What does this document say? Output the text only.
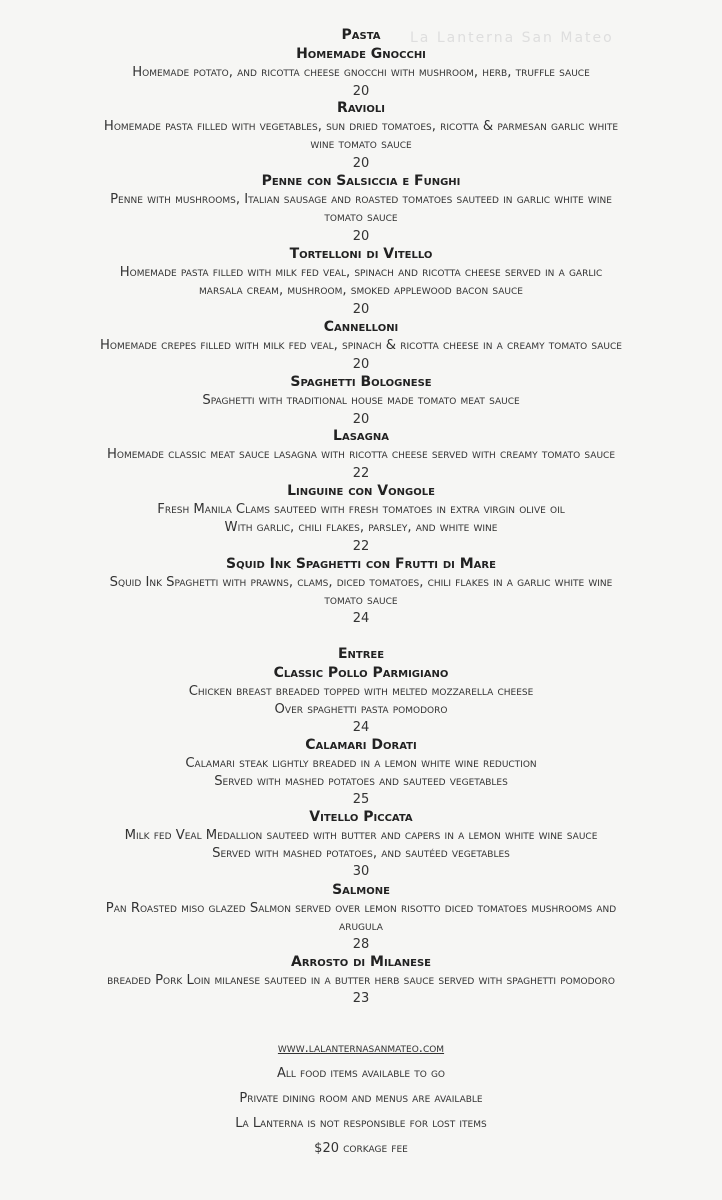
La Lanterna San Mateo
Pasta
Homemade Gnocchi
Homemade potato, and ricotta cheese gnocchi with mushroom, herb, truffle sauce
20
Ravioli
Homemade pasta filled with vegetables, sun dried tomatoes, ricotta & parmesan garlic white
wine tomato sauce
20
Penne con Salsiccia e Funghi
Penne with mushrooms, Italian sausage and roasted tomatoes sauteed in garlic white wine
tomato sauce
20
Tortelloni di Vitello
Homemade pasta filled with milk fed veal, spinach and ricotta cheese served in a garlic
marsala cream, mushroom, smoked applewood bacon sauce
20
Cannelloni
Homemade crepes filled with milk fed veal, spinach & ricotta cheese in a creamy tomato sauce
20
Spaghetti Bolognese
Spaghetti with traditional house made tomato meat sauce
20
Lasagna
Homemade classic meat sauce lasagna with ricotta cheese served with creamy tomato sauce
22
Linguine con Vongole
Fresh Manila Clams sauteed with fresh tomatoes in extra virgin olive oil
With garlic, chili flakes, parsley, and white wine
22
Squid Ink Spaghetti con Frutti di Mare
Squid Ink Spaghetti with prawns, clams, diced tomatoes, chili flakes in a garlic white wine
tomato sauce
24
Entree
Classic Pollo Parmigiano
Chicken breast breaded topped with melted mozzarella cheese
Over spaghetti pasta pomodoro
24
Calamari Dorati
Calamari steak lightly breaded in a lemon white wine reduction
Served with mashed potatoes and sauteed vegetables
25
Vitello Piccata
Milk fed Veal Medallion sauteed with butter and capers in a lemon white wine sauce
Served with mashed potatoes, and sautéed vegetables
30
Salmone
Pan Roasted miso glazed Salmon served over lemon risotto diced tomatoes mushrooms and
arugula
28
Arrosto di Milanese
breaded Pork Loin milanese sauteed in a butter herb sauce served with spaghetti pomodoro
23
www.lalanternasanmateo.com
All food items available to go
Private dining room and menus are available
La Lanterna is not responsible for lost items
$20 corkage fee
